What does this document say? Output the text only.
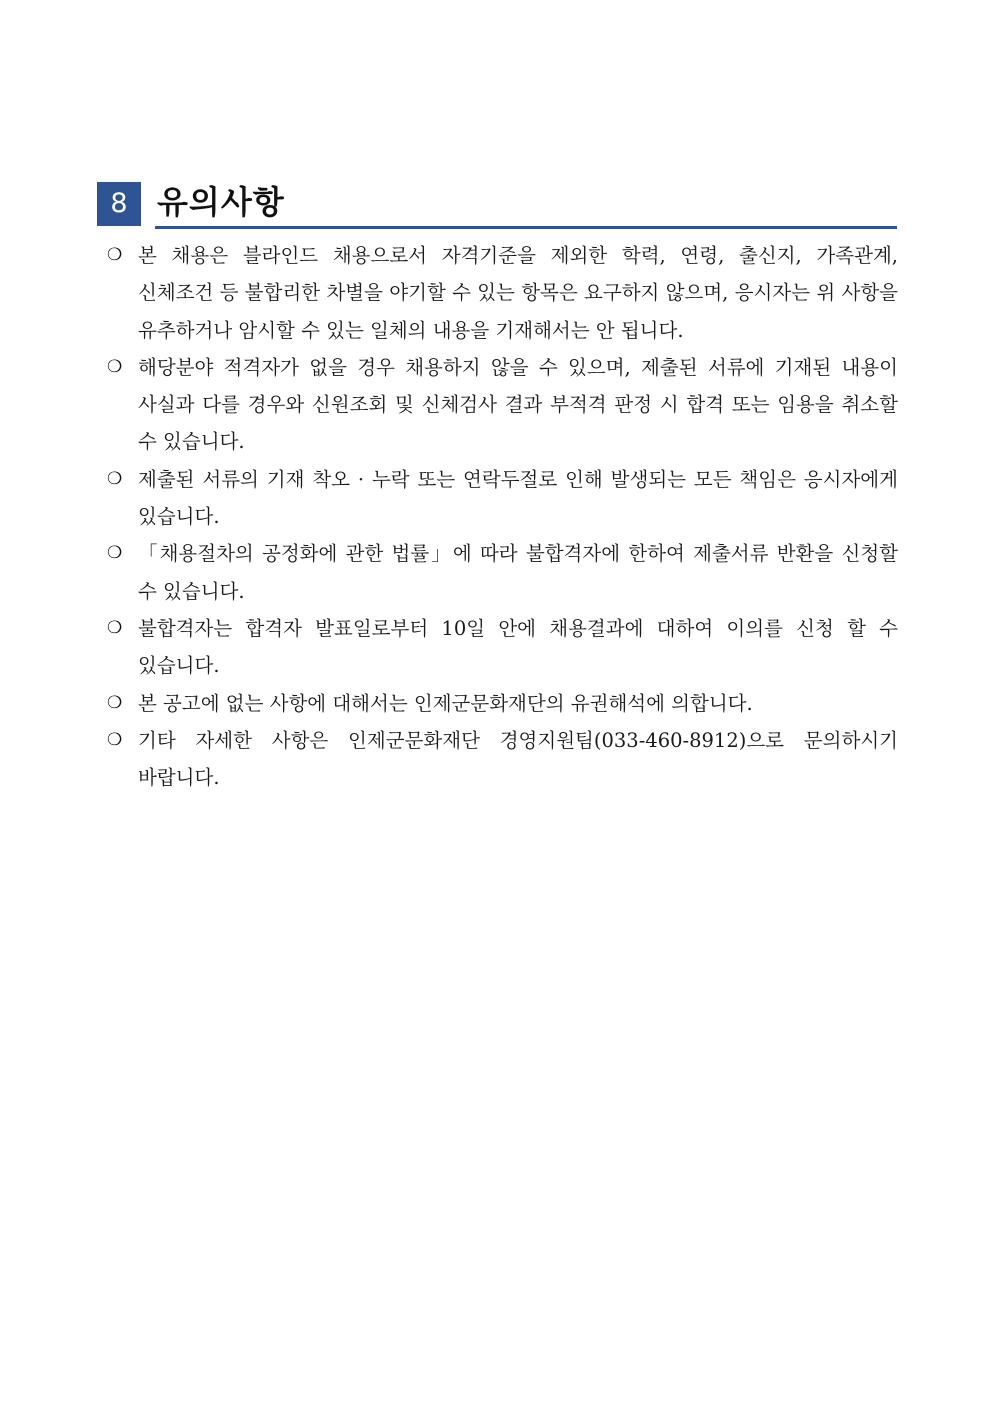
8 유의사항
❍ 본 채용은 블라인드 채용으로서 자격기준을 제외한 학력, 연령, 출신지, 가족관계, 신체조건 등 불합리한 차별을 야기할 수 있는 항목은 요구하지 않으며, 응시자는 위 사항을 유추하거나 암시할 수 있는 일체의 내용을 기재해서는 안 됩니다.
❍ 해당분야 적격자가 없을 경우 채용하지 않을 수 있으며, 제출된 서류에 기재된 내용이 사실과 다를 경우와 신원조회 및 신체검사 결과 부적격 판정 시 합격 또는 임용을 취소할 수 있습니다.
❍ 제출된 서류의 기재 착오 · 누락 또는 연락두절로 인해 발생되는 모든 책임은 응시자에게 있습니다.
❍ 「채용절차의 공정화에 관한 법률」에 따라 불합격자에 한하여 제출서류 반환을 신청할 수 있습니다.
❍ 불합격자는 합격자 발표일로부터 10일 안에 채용결과에 대하여 이의를 신청 할 수 있습니다.
❍ 본 공고에 없는 사항에 대해서는 인제군문화재단의 유권해석에 의합니다.
❍ 기타 자세한 사항은 인제군문화재단 경영지원팀(033-460-8912)으로 문의하시기 바랍니다.
